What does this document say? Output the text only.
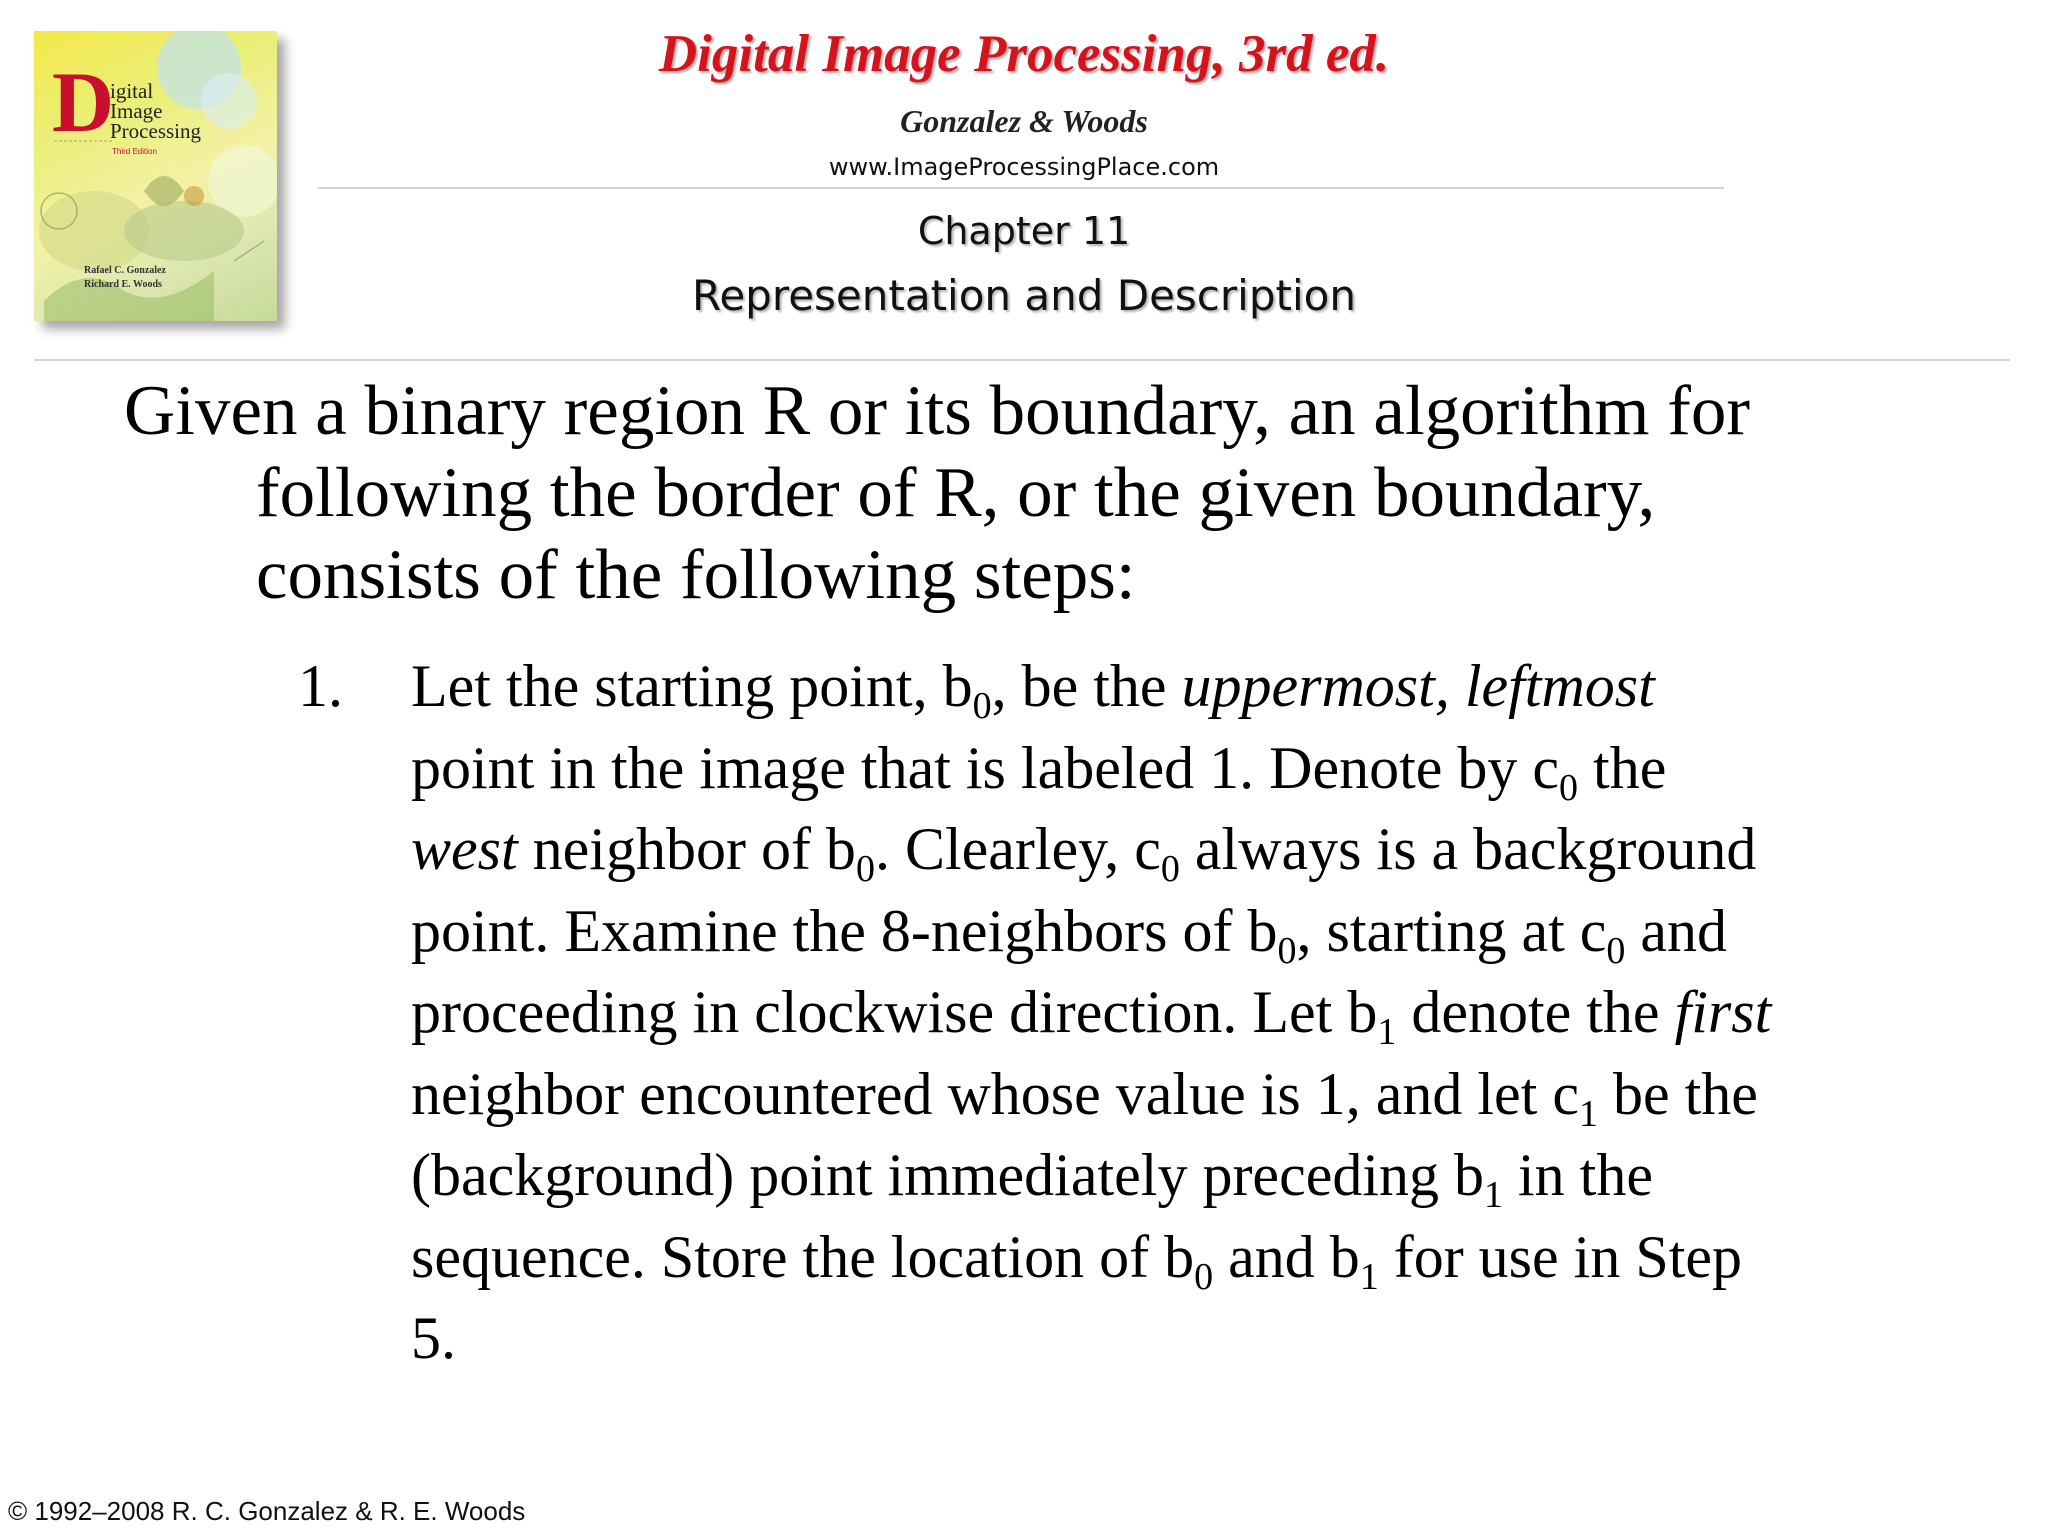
D
igital
Image
Processing
Third Edition
Rafael C. Gonzalez
Richard E. Woods
Digital Image Processing, 3rd ed.
Gonzalez & Woods
www.ImageProcessingPlace.com
Chapter 11
Representation and Description
Given a binary region R or its boundary, an algorithm for
following the border of R, or the given boundary,
consists of the following steps:
1. Let the starting point, $b_0$, be the uppermost, leftmost
point in the image that is labeled 1. Denote by $c_0$ the
west neighbor of $b_0$. Clearley, $c_0$ always is a background
point. Examine the 8-neighbors of $b_0$, starting at $c_0$ and
proceeding in clockwise direction. Let $b_1$ denote the first
neighbor encountered whose value is 1, and let $c_1$ be the
(background) point immediately preceding $b_1$ in the
sequence. Store the location of $b_0$ and $b_1$ for use in Step
5.
© 1992–2008 R. C. Gonzalez & R. E. Woods
